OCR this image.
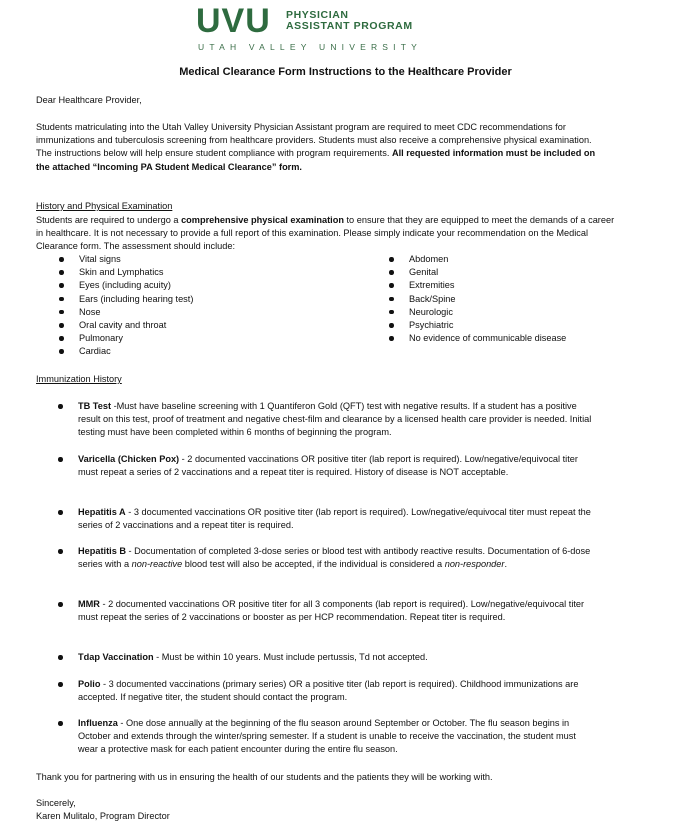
UVU PHYSICIAN
ASSISTANT PROGRAM
UTAH VALLEY UNIVERSITY
Medical Clearance Form Instructions to the Healthcare Provider
Dear Healthcare Provider,
Students matriculating into the Utah Valley University Physician Assistant program are required to meet CDC recommendations for immunizations and tuberculosis screening from healthcare providers. Students must also receive a comprehensive physical examination. The instructions below will help ensure student compliance with program requirements. All requested information must be included on the attached “Incoming PA Student Medical Clearance” form.
History and Physical Examination
Students are required to undergo a comprehensive physical examination to ensure that they are equipped to meet the demands of a career in healthcare. It is not necessary to provide a full report of this examination. Please simply indicate your recommendation on the Medical Clearance form. The assessment should include:
Vital signs
Skin and Lymphatics
Eyes (including acuity)
Ears (including hearing test)
Nose
Oral cavity and throat
Pulmonary
Cardiac
Abdomen
Genital
Extremities
Back/Spine
Neurologic
Psychiatric
No evidence of communicable disease
Immunization History
TB Test -Must have baseline screening with 1 Quantiferon Gold (QFT) test with negative results. If a student has a positive result on this test, proof of treatment and negative chest-film and clearance by a licensed health care provider is needed. Initial testing must have been completed within 6 months of beginning the program.
Varicella (Chicken Pox) - 2 documented vaccinations OR positive titer (lab report is required). Low/negative/equivocal titer must repeat a series of 2 vaccinations and a repeat titer is required. History of disease is NOT acceptable.
Hepatitis A - 3 documented vaccinations OR positive titer (lab report is required). Low/negative/equivocal titer must repeat the series of 2 vaccinations and a repeat titer is required.
Hepatitis B - Documentation of completed 3-dose series or blood test with antibody reactive results. Documentation of 6-dose series with a non-reactive blood test will also be accepted, if the individual is considered a non-responder.
MMR - 2 documented vaccinations OR positive titer for all 3 components (lab report is required). Low/negative/equivocal titer must repeat the series of 2 vaccinations or booster as per HCP recommendation. Repeat titer is required.
Tdap Vaccination - Must be within 10 years. Must include pertussis, Td not accepted.
Polio - 3 documented vaccinations (primary series) OR a positive titer (lab report is required). Childhood immunizations are accepted. If negative titer, the student should contact the program.
Influenza - One dose annually at the beginning of the flu season around September or October. The flu season begins in October and extends through the winter/spring semester. If a student is unable to receive the vaccination, the student must wear a protective mask for each patient encounter during the entire flu season.
Thank you for partnering with us in ensuring the health of our students and the patients they will be working with.
Sincerely,
Karen Mulitalo, Program Director
